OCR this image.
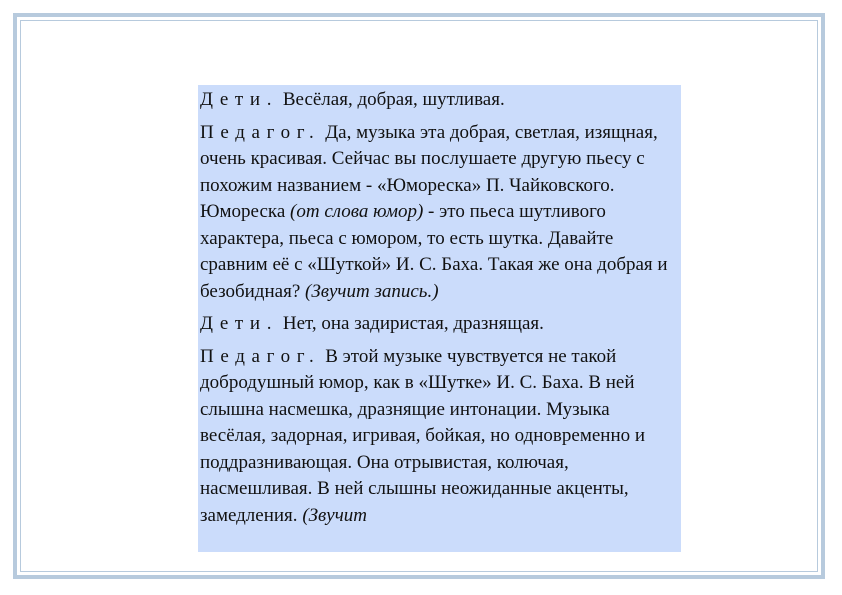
Дети. Весёлая, добрая, шутливая.

Педагог. Да, музыка эта добрая, светлая, изящная, очень красивая. Сейчас вы послушаете другую пьесу с похожим названием - «Юмореска» П. Чайковского. Юмореска (от слова юмор) - это пьеса шутливого характера, пьеса с юмором, то есть шутка. Давайте сравним её с «Шуткой» И. С. Баха. Такая же она добрая и безобидная? (Звучит запись.)

Дети. Нет, она задиристая, дразнящая.

Педагог. В этой музыке чувствуется не такой добродушный юмор, как в «Шутке» И. С. Баха. В ней слышна насмешка, дразнящие интонации. Музыка весёлая, задорная, игривая, бойкая, но одновременно и поддразнивающая. Она отрывистая, колючая, насмешливая. В ней слышны неожиданные акценты, замедления. (Звучит
